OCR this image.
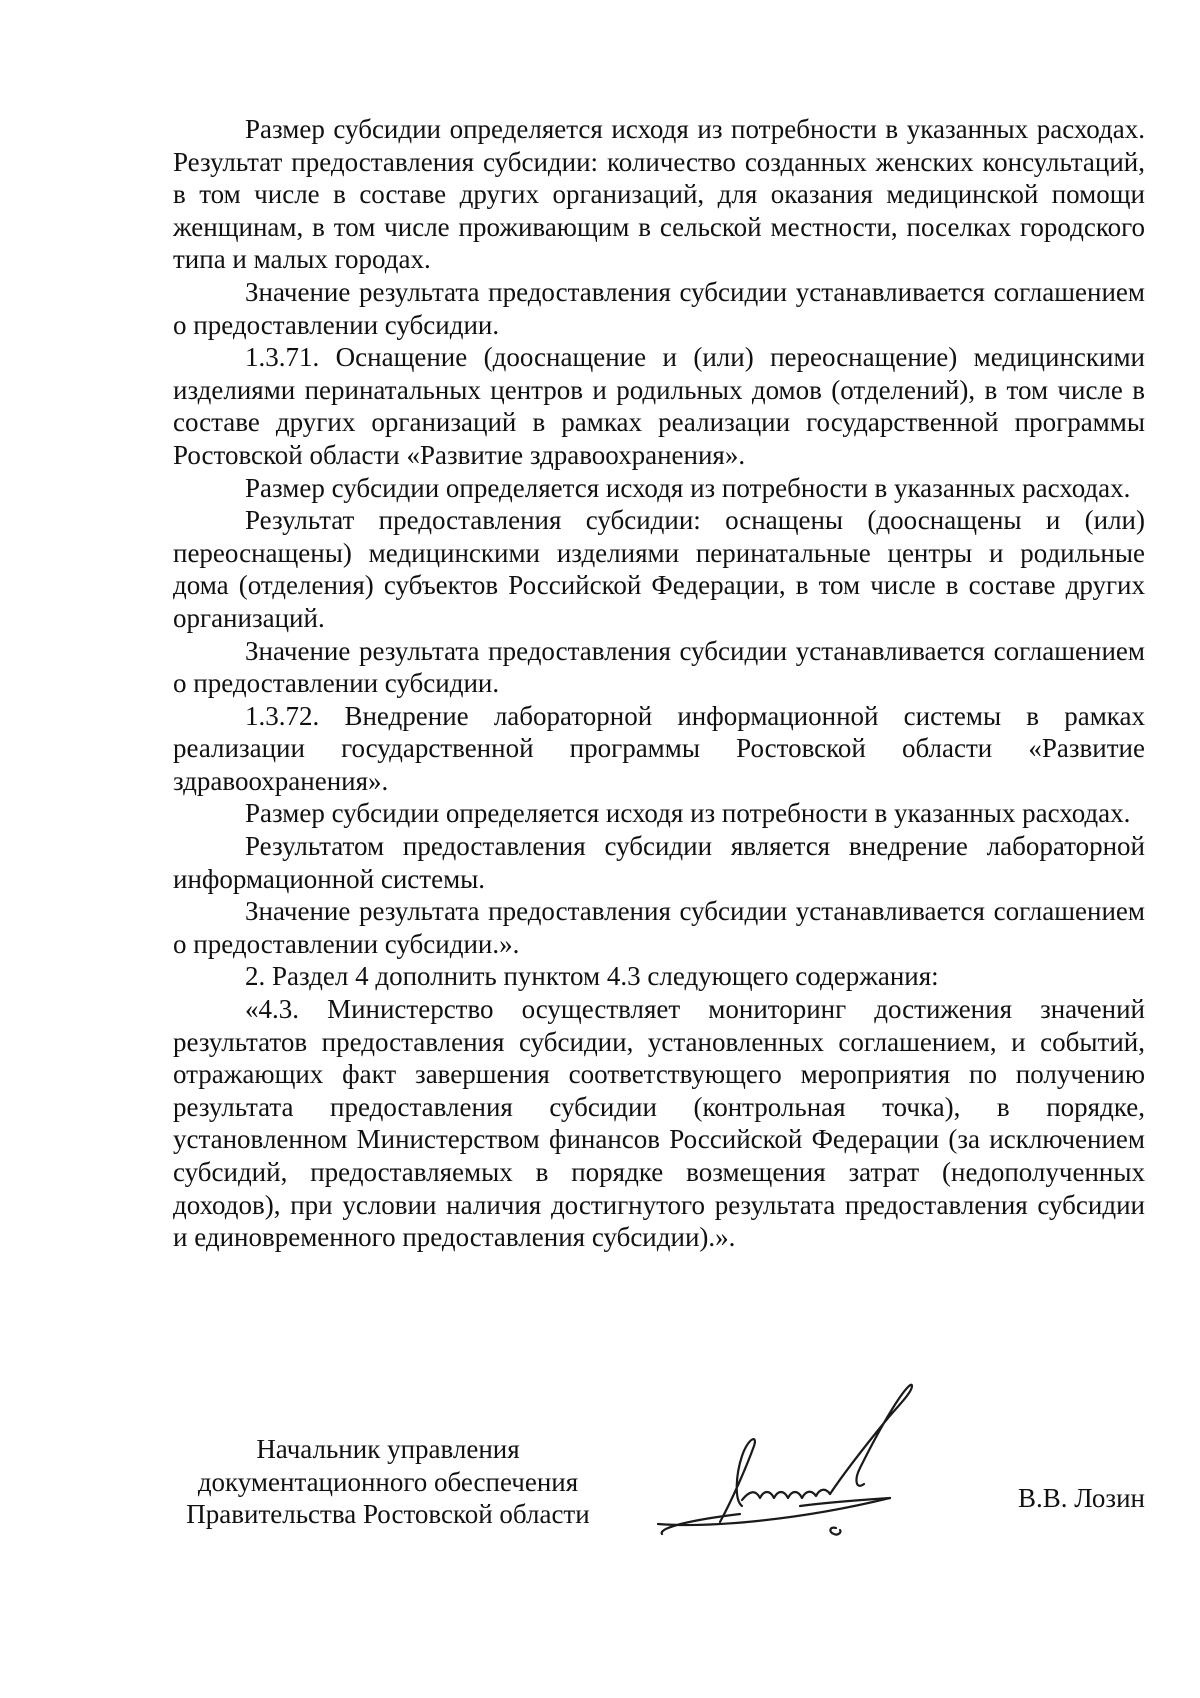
Размер субсидии определяется исходя из потребности в указанных расходах. Результат предоставления субсидии: количество созданных женских консультаций, в том числе в составе других организаций, для оказания медицинской помощи женщинам, в том числе проживающим в сельской местности, поселках городского типа и малых городах.

Значение результата предоставления субсидии устанавливается соглашением о предоставлении субсидии.

1.3.71. Оснащение (дооснащение и (или) переоснащение) медицинскими изделиями перинатальных центров и родильных домов (отделений), в том числе в составе других организаций в рамках реализации государственной программы Ростовской области «Развитие здравоохранения».

Размер субсидии определяется исходя из потребности в указанных расходах.

Результат предоставления субсидии: оснащены (дооснащены и (или) переоснащены) медицинскими изделиями перинатальные центры и родильные дома (отделения) субъектов Российской Федерации, в том числе в составе других организаций.

Значение результата предоставления субсидии устанавливается соглашением о предоставлении субсидии.

1.3.72. Внедрение лабораторной информационной системы в рамках реализации государственной программы Ростовской области «Развитие здравоохранения».

Размер субсидии определяется исходя из потребности в указанных расходах.

Результатом предоставления субсидии является внедрение лабораторной информационной системы.

Значение результата предоставления субсидии устанавливается соглашением о предоставлении субсидии.».

2. Раздел 4 дополнить пунктом 4.3 следующего содержания:

«4.3. Министерство осуществляет мониторинг достижения значений результатов предоставления субсидии, установленных соглашением, и событий, отражающих факт завершения соответствующего мероприятия по получению результата предоставления субсидии (контрольная точка), в порядке, установленном Министерством финансов Российской Федерации (за исключением субсидий, предоставляемых в порядке возмещения затрат (недополученных доходов), при условии наличия достигнутого результата предоставления субсидии и единовременного предоставления субсидии).».

Начальник управления
документационного обеспечения
Правительства Ростовской области
В.В. Лозин
